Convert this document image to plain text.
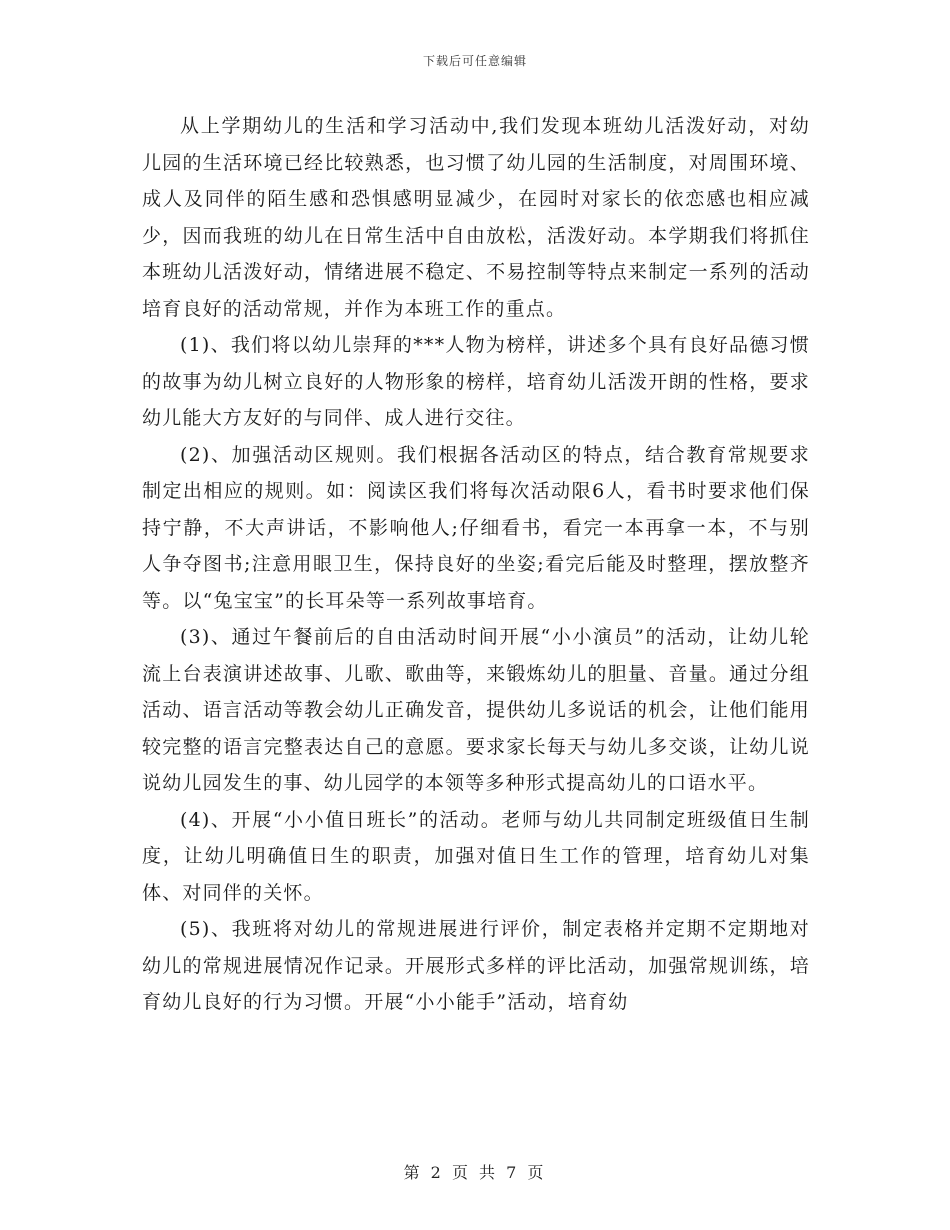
下载后可任意编辑

从上学期幼儿的生活和学习活动中,我们发现本班幼儿活泼好动，对幼儿园的生活环境已经比较熟悉，也习惯了幼儿园的生活制度，对周围环境、成人及同伴的陌生感和恐惧感明显减少，在园时对家长的依恋感也相应减少，因而我班的幼儿在日常生活中自由放松，活泼好动。本学期我们将抓住本班幼儿活泼好动，情绪进展不稳定、不易控制等特点来制定一系列的活动培育良好的活动常规，并作为本班工作的重点。

(1)、我们将以幼儿崇拜的***人物为榜样，讲述多个具有良好品德习惯的故事为幼儿树立良好的人物形象的榜样，培育幼儿活泼开朗的性格，要求幼儿能大方友好的与同伴、成人进行交往。

(2)、加强活动区规则。我们根据各活动区的特点，结合教育常规要求制定出相应的规则。如：阅读区我们将每次活动限6人，看书时要求他们保持宁静，不大声讲话，不影响他人;仔细看书，看完一本再拿一本，不与别人争夺图书;注意用眼卫生，保持良好的坐姿;看完后能及时整理，摆放整齐等。以“兔宝宝”的长耳朵等一系列故事培育。

(3)、通过午餐前后的自由活动时间开展“小小演员”的活动，让幼儿轮流上台表演讲述故事、儿歌、歌曲等，来锻炼幼儿的胆量、音量。通过分组活动、语言活动等教会幼儿正确发音，提供幼儿多说话的机会，让他们能用较完整的语言完整表达自己的意愿。要求家长每天与幼儿多交谈，让幼儿说说幼儿园发生的事、幼儿园学的本领等多种形式提高幼儿的口语水平。

(4)、开展“小小值日班长”的活动。老师与幼儿共同制定班级值日生制度，让幼儿明确值日生的职责，加强对值日生工作的管理，培育幼儿对集体、对同伴的关怀。

(5)、我班将对幼儿的常规进展进行评价，制定表格并定期不定期地对幼儿的常规进展情况作记录。开展形式多样的评比活动，加强常规训练，培育幼儿良好的行为习惯。开展“小小能手”活动，培育幼

第 2 页 共 7 页
